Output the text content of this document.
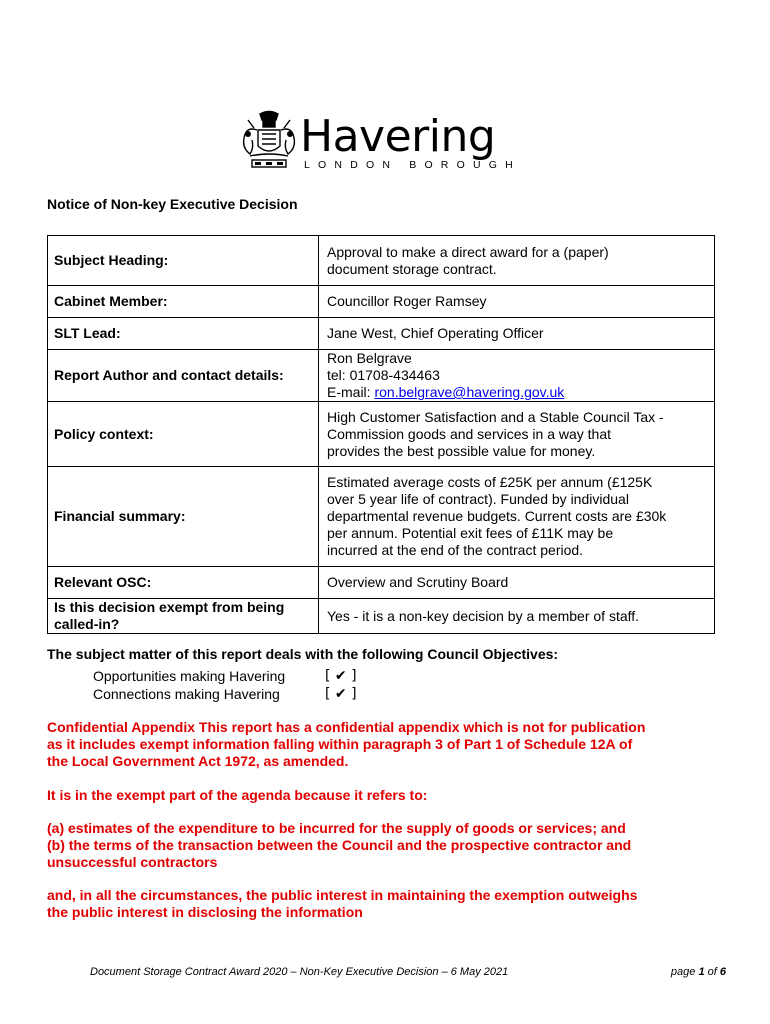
Havering
LONDON BOROUGH
Notice of Non-key Executive Decision
Subject Heading:	Approval to make a direct award for a (paper)
document storage contract.

Cabinet Member:	Councillor Roger Ramsey
SLT Lead:	Jane West, Chief Operating Officer
Report Author and contact details:	Ron Belgrave
tel: 01708-434463
E-mail: ron.belgrave@havering.gov.uk

Policy context:	High Customer Satisfaction and a Stable Council Tax -
Commission goods and services in a way that
provides the best possible value for money.

Financial summary:	Estimated average costs of £25K per annum (£125K
over 5 year life of contract). Funded by individual
departmental revenue budgets. Current costs are £30k
per annum. Potential exit fees of £11K may be
incurred at the end of the contract period.

Relevant OSC:	Overview and Scrutiny Board

Is this decision exempt from being
called-in?	Yes - it is a non-key decision by a member of staff.
The subject matter of this report deals with the following Council Objectives:
Opportunities making Havering	[ ✔ ]
Connections making Havering	[ ✔ ]
Confidential Appendix This report has a confidential appendix which is not for publication
as it includes exempt information falling within paragraph 3 of Part 1 of Schedule 12A of
the Local Government Act 1972, as amended.
It is in the exempt part of the agenda because it refers to:
(a) estimates of the expenditure to be incurred for the supply of goods or services; and
(b) the terms of the transaction between the Council and the prospective contractor and
unsuccessful contractors
and, in all the circumstances, the public interest in maintaining the exemption outweighs
the public interest in disclosing the information
Document Storage Contract Award 2020 – Non-Key Executive Decision – 6 May 2021	page 1 of 6
